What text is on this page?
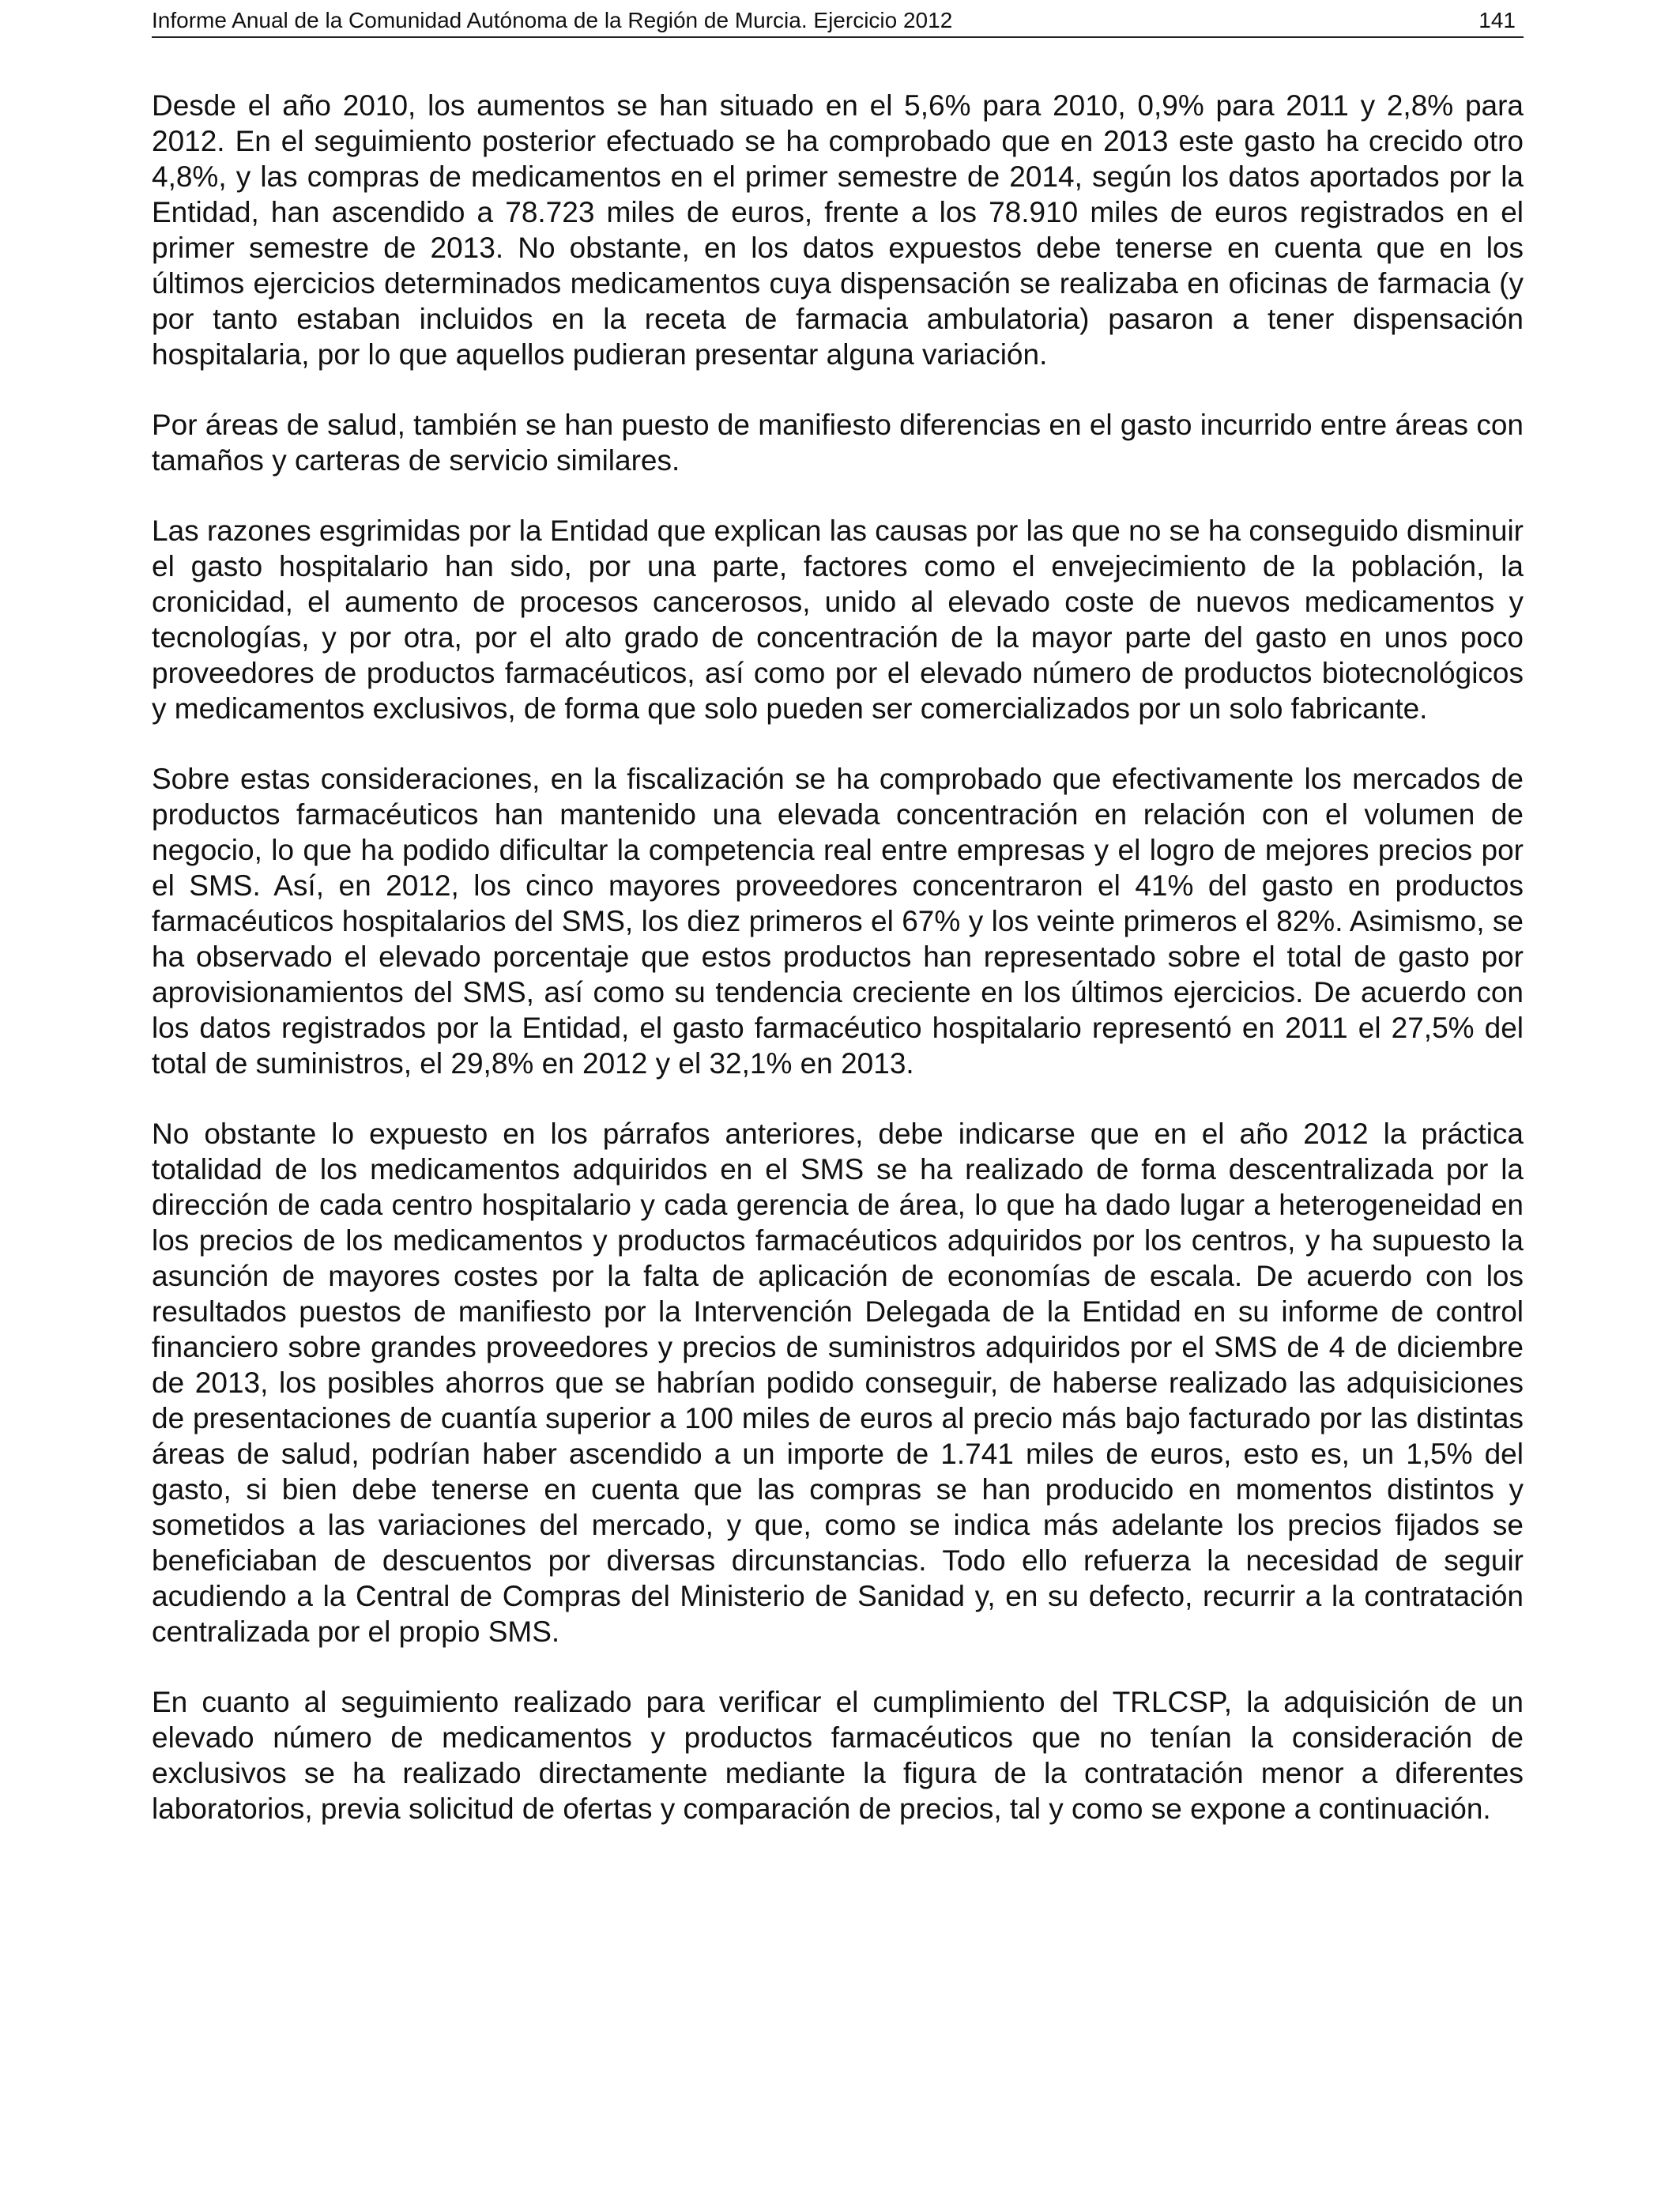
Informe Anual de la Comunidad Autónoma de la Región de Murcia. Ejercicio 2012	141

Desde el año 2010, los aumentos se han situado en el 5,6% para 2010, 0,9% para 2011 y 2,8% para 2012. En el seguimiento posterior efectuado se ha comprobado que en 2013 este gasto ha crecido otro 4,8%, y las compras de medicamentos en el primer semestre de 2014, según los datos aportados por la Entidad, han ascendido a 78.723 miles de euros, frente a los 78.910 miles de euros registrados en el primer semestre de 2013. No obstante, en los datos expuestos debe tenerse en cuenta que en los últimos ejercicios determinados medicamentos cuya dispensación se realizaba en oficinas de farmacia (y por tanto estaban incluidos en la receta de farmacia ambulatoria) pasaron a tener dispensación hospitalaria, por lo que aquellos pudieran presentar alguna variación.

Por áreas de salud, también se han puesto de manifiesto diferencias en el gasto incurrido entre áreas con tamaños y carteras de servicio similares.

Las razones esgrimidas por la Entidad que explican las causas por las que no se ha conseguido disminuir el gasto hospitalario han sido, por una parte, factores como el envejecimiento de la población, la cronicidad, el aumento de procesos cancerosos, unido al elevado coste de nuevos medicamentos y tecnologías, y por otra, por el alto grado de concentración de la mayor parte del gasto en unos poco proveedores de productos farmacéuticos, así como por el elevado número de productos biotecnológicos y medicamentos exclusivos, de forma que solo pueden ser comercializados por un solo fabricante.

Sobre estas consideraciones, en la fiscalización se ha comprobado que efectivamente los mercados de productos farmacéuticos han mantenido una elevada concentración en relación con el volumen de negocio, lo que ha podido dificultar la competencia real entre empresas y el logro de mejores precios por el SMS. Así, en 2012, los cinco mayores proveedores concentraron el 41% del gasto en productos farmacéuticos hospitalarios del SMS, los diez primeros el 67% y los veinte primeros el 82%. Asimismo, se ha observado el elevado porcentaje que estos productos han representado sobre el total de gasto por aprovisionamientos del SMS, así como su tendencia creciente en los últimos ejercicios. De acuerdo con los datos registrados por la Entidad, el gasto farmacéutico hospitalario representó en 2011 el 27,5% del total de suministros, el 29,8% en 2012 y el 32,1% en 2013.

No obstante lo expuesto en los párrafos anteriores, debe indicarse que en el año 2012 la práctica totalidad de los medicamentos adquiridos en el SMS se ha realizado de forma descentralizada por la dirección de cada centro hospitalario y cada gerencia de área, lo que ha dado lugar a heterogeneidad en los precios de los medicamentos y productos farmacéuticos adquiridos por los centros, y ha supuesto la asunción de mayores costes por la falta de aplicación de economías de escala. De acuerdo con los resultados puestos de manifiesto por la Intervención Delegada de la Entidad en su informe de control financiero sobre grandes proveedores y precios de suministros adquiridos por el SMS de 4 de diciembre de 2013, los posibles ahorros que se habrían podido conseguir, de haberse realizado las adquisiciones de presentaciones de cuantía superior a 100 miles de euros al precio más bajo facturado por las distintas áreas de salud, podrían haber ascendido a un importe de 1.741 miles de euros, esto es, un 1,5% del gasto, si bien debe tenerse en cuenta que las compras se han producido en momentos distintos y sometidos a las variaciones del mercado, y que, como se indica más adelante los precios fijados se beneficiaban de descuentos por diversas dircunstancias. Todo ello refuerza la necesidad de seguir acudiendo a la Central de Compras del Ministerio de Sanidad y, en su defecto, recurrir a la contratación centralizada por el propio SMS.

En cuanto al seguimiento realizado para verificar el cumplimiento del TRLCSP, la adquisición de un elevado número de medicamentos y productos farmacéuticos que no tenían la consideración de exclusivos se ha realizado directamente mediante la figura de la contratación menor a diferentes laboratorios, previa solicitud de ofertas y comparación de precios, tal y como se expone a continuación.
